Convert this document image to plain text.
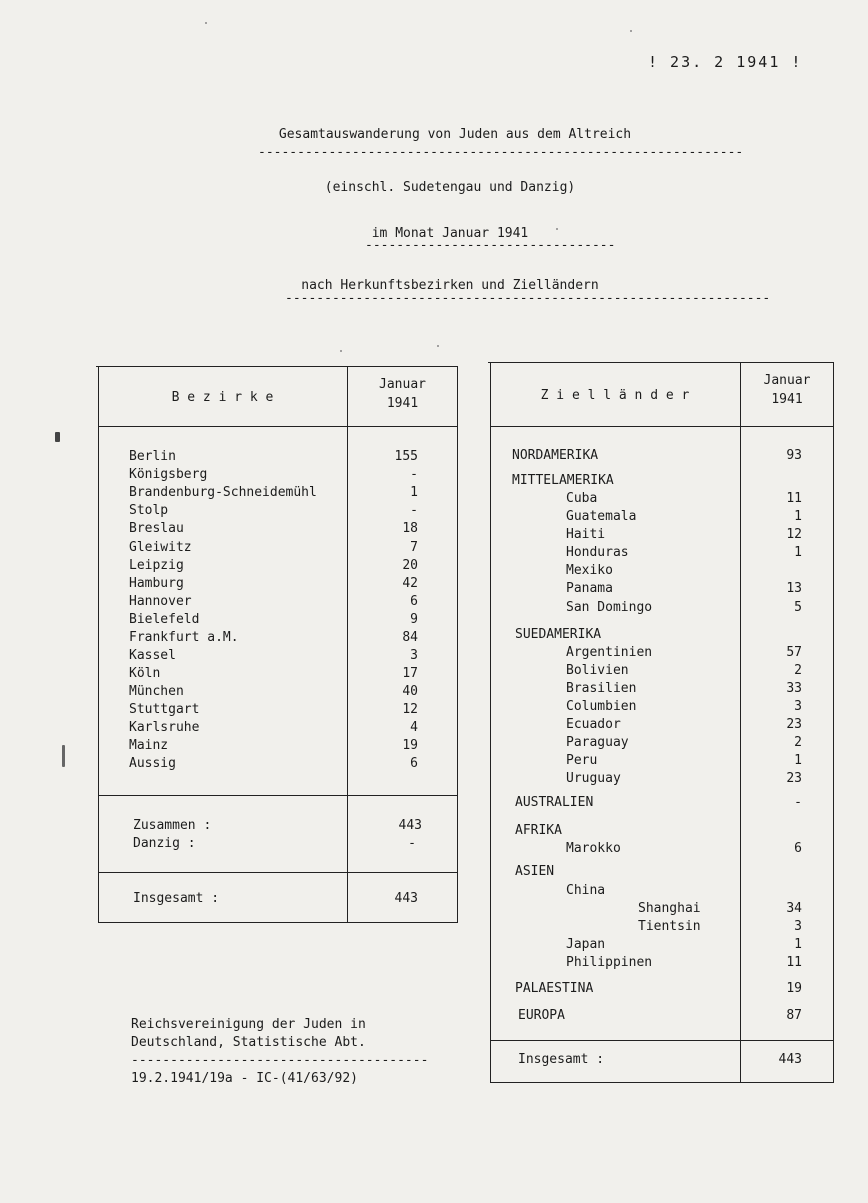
! 23. 2 1941 !
Gesamtauswanderung von Juden aus dem Altreich
--------------------------------------------------------------
(einschl. Sudetengau und Danzig)
im Monat Januar 1941
--------------------------------
nach Herkunftsbezirken und Zielländern
--------------------------------------------------------------
B e z i r k e
Januar
1941
Berlin	155
Königsberg	-
Brandenburg-Schneidemühl	1
Stolp	-
Breslau	18
Gleiwitz	7
Leipzig	20
Hamburg	42
Hannover	6
Bielefeld	9
Frankfurt a.M.	84
Kassel	3
Köln	17
München	40
Stuttgart	12
Karlsruhe	4
Mainz	19
Aussig	6
Zusammen :	443
Danzig :	-
Insgesamt :	443
Z i e l l ä n d e r
Januar
1941
NORDAMERIKA	93
MITTELAMERIKA
Cuba	11
Guatemala	1
Haiti	12
Honduras	1
Mexiko
Panama	13
San Domingo	5
SUEDAMERIKA
Argentinien	57
Bolivien	2
Brasilien	33
Columbien	3
Ecuador	23
Paraguay	2
Peru	1
Uruguay	23
AUSTRALIEN	-
AFRIKA
Marokko	6
ASIEN
China
Shanghai	34
Tientsin	3
Japan	1
Philippinen	11
PALAESTINA	19
EUROPA	87
Insgesamt :	443
Reichsvereinigung der Juden in
Deutschland, Statistische Abt.
--------------------------------------
19.2.1941/19a - IC-(41/63/92)
